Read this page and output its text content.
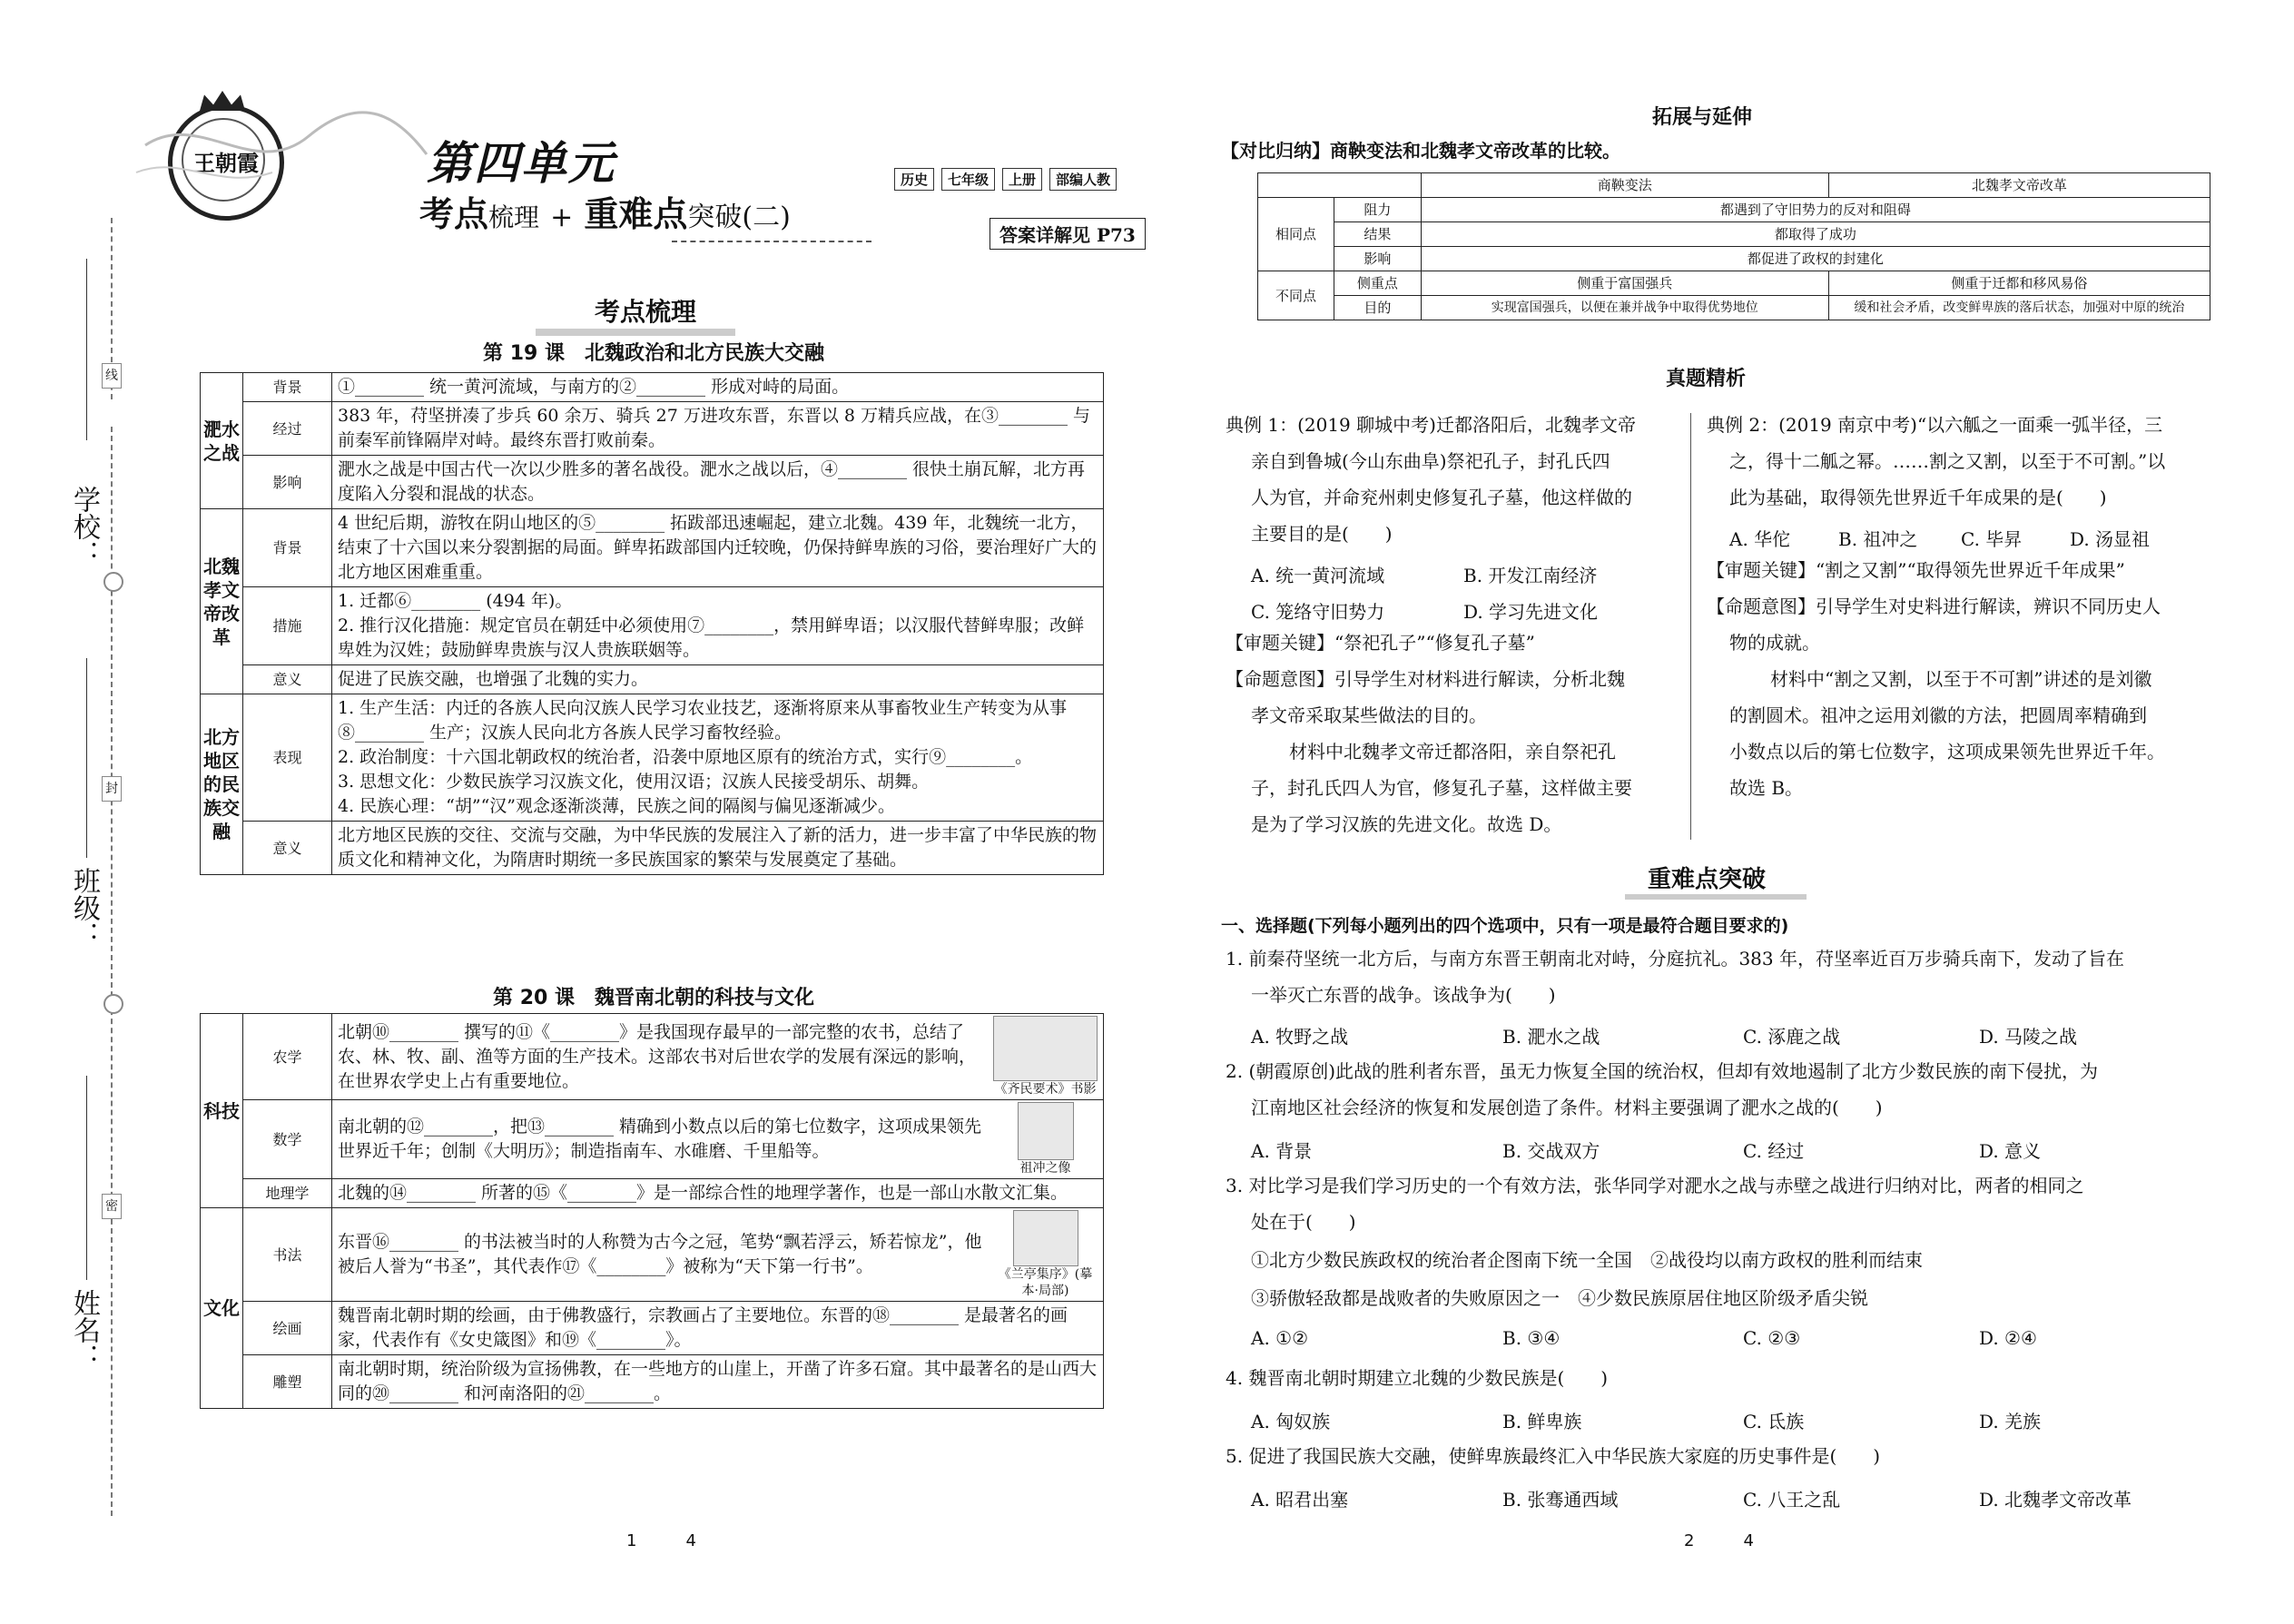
线
封
密
学校：
班级：
姓名：
王朝霞	第四单元
考点梳理 + 重难点突破(二)
历史	七年级	上册	部编人教
答案详解见 P73
考点梳理
第 19 课　北魏政治和北方民族大交融
淝水之战	背景	①________ 统一黄河流域，与南方的②________ 形成对峙的局面。
	经过	383 年，苻坚拼凑了步兵 60 余万、骑兵 27 万进攻东晋，东晋以 8 万精兵应战，在③________ 与前秦军前锋隔岸对峙。最终东晋打败前秦。
	影响	淝水之战是中国古代一次以少胜多的著名战役。淝水之战以后，④________ 很快土崩瓦解，北方再度陷入分裂和混战的状态。
北魏孝文帝改革	背景	4 世纪后期，游牧在阴山地区的⑤________ 拓跋部迅速崛起，建立北魏。439 年，北魏统一北方，结束了十六国以来分裂割据的局面。鲜卑拓跋部国内迁较晚，仍保持鲜卑族的习俗，要治理好广大的北方地区困难重重。
	措施	1. 迁都⑥________ (494 年)。
2. 推行汉化措施：规定官员在朝廷中必须使用⑦________，禁用鲜卑语；以汉服代替鲜卑服；改鲜卑姓为汉姓；鼓励鲜卑贵族与汉人贵族联姻等。
	意义	促进了民族交融，也增强了北魏的实力。
北方地区的民族交融	表现	1. 生产生活：内迁的各族人民向汉族人民学习农业技艺，逐渐将原来从事畜牧业生产转变为从事⑧________ 生产；汉族人民向北方各族人民学习畜牧经验。
2. 政治制度：十六国北朝政权的统治者，沿袭中原地区原有的统治方式，实行⑨________。
3. 思想文化：少数民族学习汉族文化，使用汉语；汉族人民接受胡乐、胡舞。
4. 民族心理：“胡”“汉”观念逐渐淡薄，民族之间的隔阂与偏见逐渐减少。
	意义	北方地区民族的交往、交流与交融，为中华民族的发展注入了新的活力，进一步丰富了中华民族的物质文化和精神文化，为隋唐时期统一多民族国家的繁荣与发展奠定了基础。
第 20 课　魏晋南北朝的科技与文化
科技	农学	北朝⑩________ 撰写的⑪《________》是我国现存最早的一部完整的农书，总结了农、林、牧、副、渔等方面的生产技术。这部农书对后世农学的发展有深远的影响，在世界农学史上占有重要地位。 《齐民要术》书影

	数学	南北朝的⑫________，把⑬________ 精确到小数点以后的第七位数字，这项成果领先世界近千年；创制《大明历》；制造指南车、水碓磨、千里船等。
祖冲之像

	地理学	北魏的⑭________ 所著的⑮《________》是一部综合性的地理学著作，也是一部山水散文汇集。
文化	书法	东晋⑯________ 的书法被当时的人称赞为古今之冠，笔势“飘若浮云，矫若惊龙”，他被后人誉为“书圣”，其代表作⑰《________》被称为“天下第一行书”。 《兰亭集序》(摹本·局部)

	绘画	魏晋南北朝时期的绘画，由于佛教盛行，宗教画占了主要地位。东晋的⑱________ 是最著名的画家，代表作有《女史箴图》和⑲《________》。
	雕塑	南北朝时期，统治阶级为宣扬佛教，在一些地方的山崖上，开凿了许多石窟。其中最著名的是山西大同的⑳________ 和河南洛阳的㉑________。
1　　　4
拓展与延伸
【对比归纳】商鞅变法和北魏孝文帝改革的比较。
		商鞅变法	北魏孝文帝改革
相同点	阻力	都遇到了守旧势力的反对和阻碍	
	结果	都取得了成功	
	影响	都促进了政权的封建化	
不同点	侧重点	侧重于富国强兵	侧重于迁都和移风易俗
	目的	实现富国强兵，以便在兼并战争中取得优势地位	缓和社会矛盾，改变鲜卑族的落后状态，加强对中原的统治
真题精析
典例 1：(2019 聊城中考)迁都洛阳后，北魏孝文帝
亲自到鲁城(今山东曲阜)祭祀孔子，封孔氏四
人为官，并命兖州刺史修复孔子墓，他这样做的
主要目的是(　　)
A. 统一黄河流域	B. 开发江南经济
C. 笼络守旧势力	D. 学习先进文化
【审题关键】“祭祀孔子”“修复孔子墓”
【命题意图】引导学生对材料进行解读，分析北魏
孝文帝采取某些做法的目的。
材料中北魏孝文帝迁都洛阳，亲自祭祀孔
子，封孔氏四人为官，修复孔子墓，这样做主要
是为了学习汉族的先进文化。故选 D。
典例 2：(2019 南京中考)“以六觚之一面乘一弧半径，三
之，得十二觚之幂。……割之又割，以至于不可割。”以
此为基础，取得领先世界近千年成果的是(　　)
A. 华佗	B. 祖冲之 C. 毕昇	D. 汤显祖
【审题关键】“割之又割”“取得领先世界近千年成果”
【命题意图】引导学生对史料进行解读，辨识不同历史人
物的成就。
材料中“割之又割，以至于不可割”讲述的是刘徽
的割圆术。祖冲之运用刘徽的方法，把圆周率精确到
小数点以后的第七位数字，这项成果领先世界近千年。
故选 B。
重难点突破
一、选择题(下列每小题列出的四个选项中，只有一项是最符合题目要求的)
1. 前秦苻坚统一北方后，与南方东晋王朝南北对峙，分庭抗礼。383 年，苻坚率近百万步骑兵南下，发动了旨在
一举灭亡东晋的战争。该战争为(　　)
A. 牧野之战	B. 淝水之战	C. 涿鹿之战	D. 马陵之战
2. (朝霞原创)此战的胜利者东晋，虽无力恢复全国的统治权，但却有效地遏制了北方少数民族的南下侵扰，为
江南地区社会经济的恢复和发展创造了条件。材料主要强调了淝水之战的(　　)
A. 背景	B. 交战双方	C. 经过	D. 意义
3. 对比学习是我们学习历史的一个有效方法，张华同学对淝水之战与赤壁之战进行归纳对比，两者的相同之
处在于(　　)
①北方少数民族政权的统治者企图南下统一全国　②战役均以南方政权的胜利而结束
③骄傲轻敌都是战败者的失败原因之一　④少数民族原居住地区阶级矛盾尖锐
A. ①②	B. ③④	C. ②③	D. ②④
4. 魏晋南北朝时期建立北魏的少数民族是(　　)
A. 匈奴族	B. 鲜卑族	C. 氐族	D. 羌族
5. 促进了我国民族大交融，使鲜卑族最终汇入中华民族大家庭的历史事件是(　　)
A. 昭君出塞	B. 张骞通西域	C. 八王之乱	D. 北魏孝文帝改革
2　　　4
